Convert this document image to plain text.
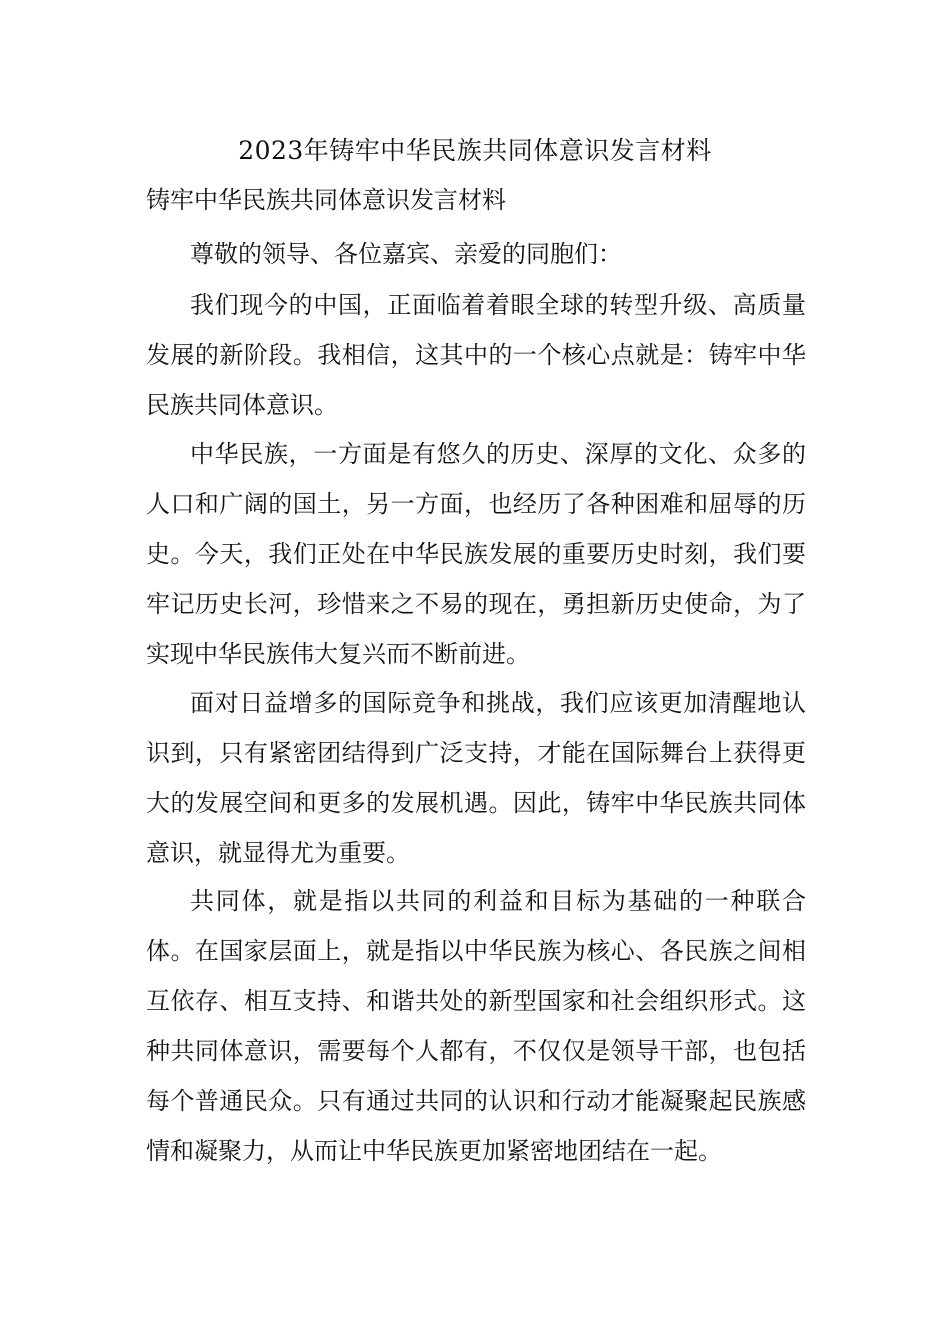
2023年铸牢中华民族共同体意识发言材料

铸牢中华民族共同体意识发言材料

尊敬的领导、各位嘉宾、亲爱的同胞们：

我们现今的中国，正面临着着眼全球的转型升级、高质量发展的新阶段。我相信，这其中的一个核心点就是：铸牢中华民族共同体意识。

中华民族，一方面是有悠久的历史、深厚的文化、众多的人口和广阔的国土，另一方面，也经历了各种困难和屈辱的历史。今天，我们正处在中华民族发展的重要历史时刻，我们要牢记历史长河，珍惜来之不易的现在，勇担新历史使命，为了实现中华民族伟大复兴而不断前进。

面对日益增多的国际竞争和挑战，我们应该更加清醒地认识到，只有紧密团结得到广泛支持，才能在国际舞台上获得更大的发展空间和更多的发展机遇。因此，铸牢中华民族共同体意识，就显得尤为重要。

共同体，就是指以共同的利益和目标为基础的一种联合体。在国家层面上，就是指以中华民族为核心、各民族之间相互依存、相互支持、和谐共处的新型国家和社会组织形式。这种共同体意识，需要每个人都有，不仅仅是领导干部，也包括每个普通民众。只有通过共同的认识和行动才能凝聚起民族感情和凝聚力，从而让中华民族更加紧密地团结在一起。
